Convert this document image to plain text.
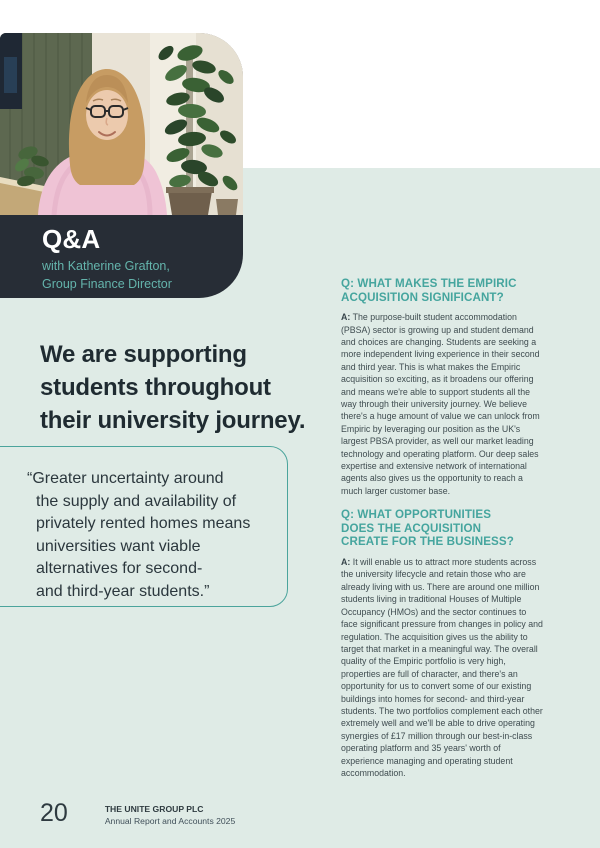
Q&A
with Katherine Grafton,
Group Finance Director
We are supporting
students throughout
their university journey.
“Greater uncertainty around
the supply and availability of
privately rented homes means
universities want viable
alternatives for second-
and third-year students.”
Q: WHAT MAKES THE EMPIRIC
ACQUISITION SIGNIFICANT?

A: The purpose-built student accommodation (PBSA) sector is growing up and student demand and choices are changing. Students are seeking a more independent living experience in their second and third year. This is what makes the Empiric acquisition so exciting, as it broadens our offering and means we're able to support students all the way through their university journey. We believe there's a huge amount of value we can unlock from Empiric by leveraging our position as the UK's largest PBSA provider, as well our market leading technology and operating platform. Our deep sales expertise and extensive network of international agents also gives us the opportunity to reach a much larger customer base.

Q: WHAT OPPORTUNITIES
DOES THE ACQUISITION
CREATE FOR THE BUSINESS?

A: It will enable us to attract more students across the university lifecycle and retain those who are already living with us. There are around one million students living in traditional Houses of Multiple Occupancy (HMOs) and the sector continues to face significant pressure from changes in policy and regulation. The acquisition gives us the ability to target that market in a meaningful way. The overall quality of the Empiric portfolio is very high, properties are full of character, and there's an opportunity for us to convert some of our existing buildings into homes for second- and third-year students. The two portfolios complement each other extremely well and we'll be able to drive operating synergies of £17 million through our best-in-class operating platform and 35 years' worth of experience managing and operating student accommodation.

20	THE UNITE GROUP PLC
Annual Report and Accounts 2025
